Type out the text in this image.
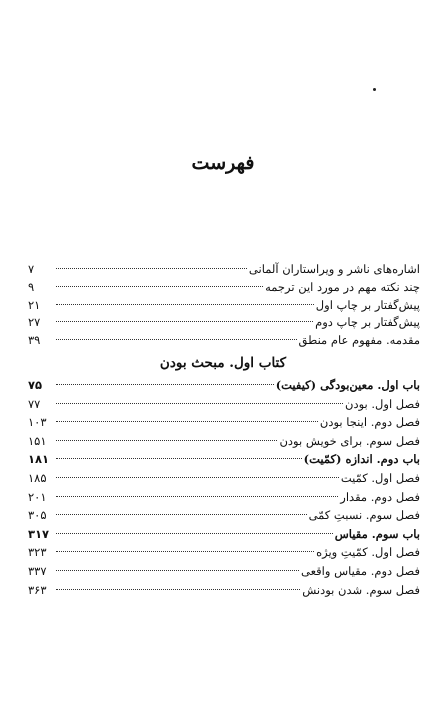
فهرست
اشاره‌های ناشر و ویراستاران آلمانی
۷
چند نکته مهم در مورد این ترجمه
۹
پیش‌گفتار بر چاپ اول
۲۱
پیش‌گفتار بر چاپ دوم
۲۷
مقدمه. مفهوم عام منطق
۳۹
کتاب اول. مبحث بودن
باب اول. معین‌بودگی (کیفیت)
۷۵
فصل اول. بودن
۷۷
فصل دوم. اینجا بودن
۱۰۳
فصل سوم. برای خویش بودن
۱۵۱
باب دوم. اندازه (کمّیت)
۱۸۱
فصل اول. کمّیت
۱۸۵
فصل دوم. مقدار
۲۰۱
فصل سوم. نسبتِ کمّی
۳۰۵
باب سوم. مقیاس
۳۱۷
فصل اول. کمّیتِ ویژه
۳۲۳
فصل دوم. مقیاس واقعی
۳۳۷
فصل سوم. شدن بودنش
۳۶۳
